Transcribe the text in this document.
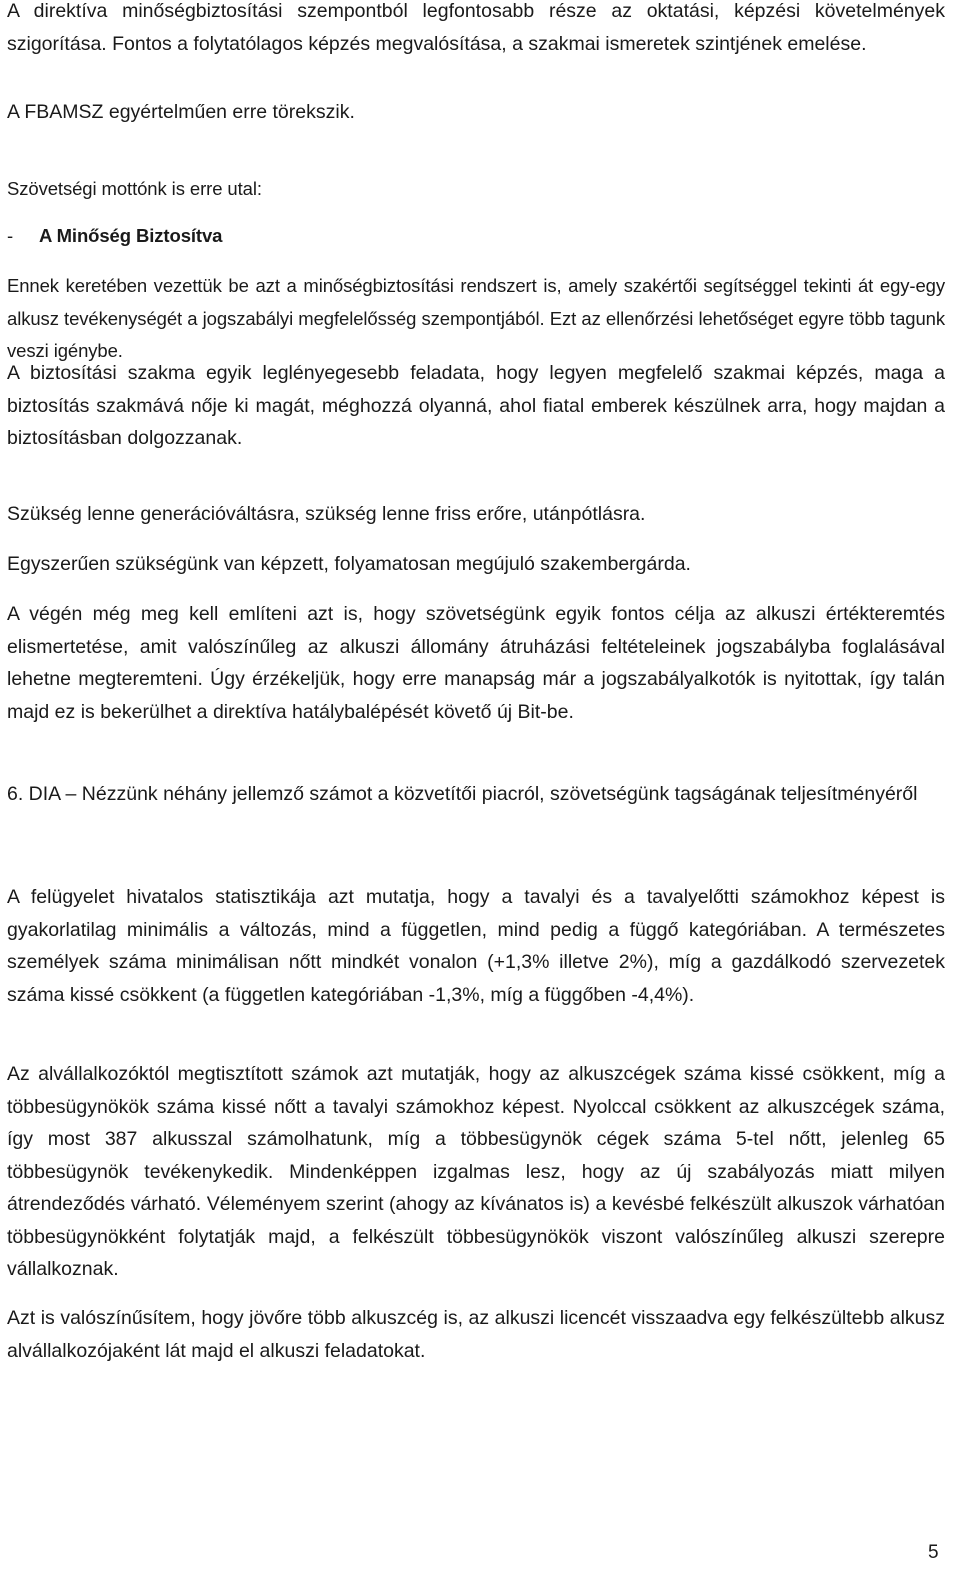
A direktíva minőségbiztosítási szempontból legfontosabb része az oktatási, képzési követelmények szigorítása. Fontos a folytatólagos képzés megvalósítása, a szakmai ismeretek szintjének emelése.

A FBAMSZ egyértelműen erre törekszik.

Szövetségi mottónk is erre utal:

- A Minőség Biztosítva

Ennek keretében vezettük be azt a minőségbiztosítási rendszert is, amely szakértői segítséggel tekinti át egy-egy alkusz tevékenységét a jogszabályi megfelelősség szempontjából. Ezt az ellenőrzési lehetőséget egyre több tagunk veszi igénybe.

A biztosítási szakma egyik leglényegesebb feladata, hogy legyen megfelelő szakmai képzés, maga a biztosítás szakmává nője ki magát, méghozzá olyanná, ahol fiatal emberek készülnek arra, hogy majdan a biztosításban dolgozzanak.

Szükség lenne generációváltásra, szükség lenne friss erőre, utánpótlásra.

Egyszerűen szükségünk van képzett, folyamatosan megújuló szakembergárda.

A végén még meg kell említeni azt is, hogy szövetségünk egyik fontos célja az alkuszi értékteremtés elismertetése, amit valószínűleg az alkuszi állomány átruházási feltételeinek jogszabályba foglalásával lehetne megteremteni. Úgy érzékeljük, hogy erre manapság már a jogszabályalkotók is nyitottak, így talán majd ez is bekerülhet a direktíva hatálybalépését követő új Bit-be.

6. DIA – Nézzünk néhány jellemző számot a közvetítői piacról, szövetségünk tagságának teljesítményéről

A felügyelet hivatalos statisztikája azt mutatja, hogy a tavalyi és a tavalyelőtti számokhoz képest is gyakorlatilag minimális a változás, mind a független, mind pedig a függő kategóriában. A természetes személyek száma minimálisan nőtt mindkét vonalon (+1,3% illetve 2%), míg a gazdálkodó szervezetek száma kissé csökkent (a független kategóriában -1,3%, míg a függőben -4,4%).

Az alvállalkozóktól megtisztított számok azt mutatják, hogy az alkuszcégek száma kissé csökkent, míg a többesügynökök száma kissé nőtt a tavalyi számokhoz képest. Nyolccal csökkent az alkuszcégek száma, így most 387 alkusszal számolhatunk, míg a többesügynök cégek száma 5-tel nőtt, jelenleg 65 többesügynök tevékenykedik. Mindenképpen izgalmas lesz, hogy az új szabályozás miatt milyen átrendeződés várható. Véleményem szerint (ahogy az kívánatos is) a kevésbé felkészült alkuszok várhatóan többesügynökként folytatják majd, a felkészült többesügynökök viszont valószínűleg alkuszi szerepre vállalkoznak.

Azt is valószínűsítem, hogy jövőre több alkuszcég is, az alkuszi licencét visszaadva egy felkészültebb alkusz alvállalkozójaként lát majd el alkuszi feladatokat.

5
